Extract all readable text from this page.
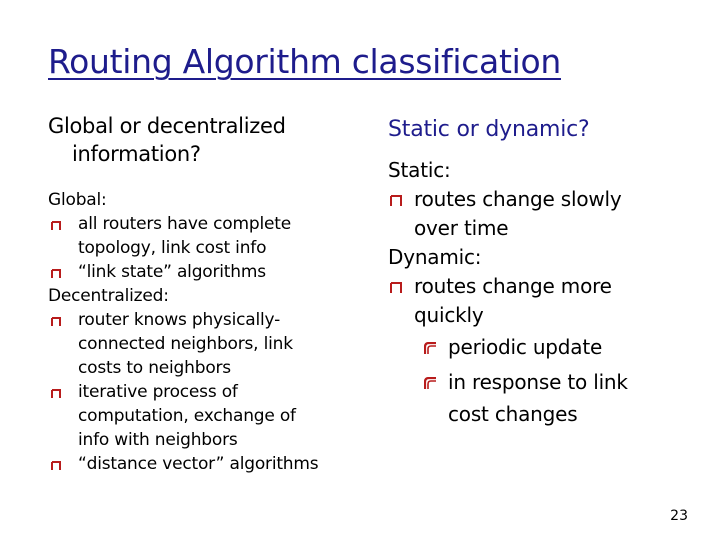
Routing Algorithm classification
Global or decentralized
information?
Global:
all routers have complete
topology, link cost info
“link state” algorithms
Decentralized:
router knows physically-
connected neighbors, link
costs to neighbors
iterative process of
computation, exchange of
info with neighbors
“distance vector” algorithms
Static or dynamic?
Static:
routes change slowly
over time
Dynamic:
routes change more
quickly
periodic update
in response to link
cost changes
23
